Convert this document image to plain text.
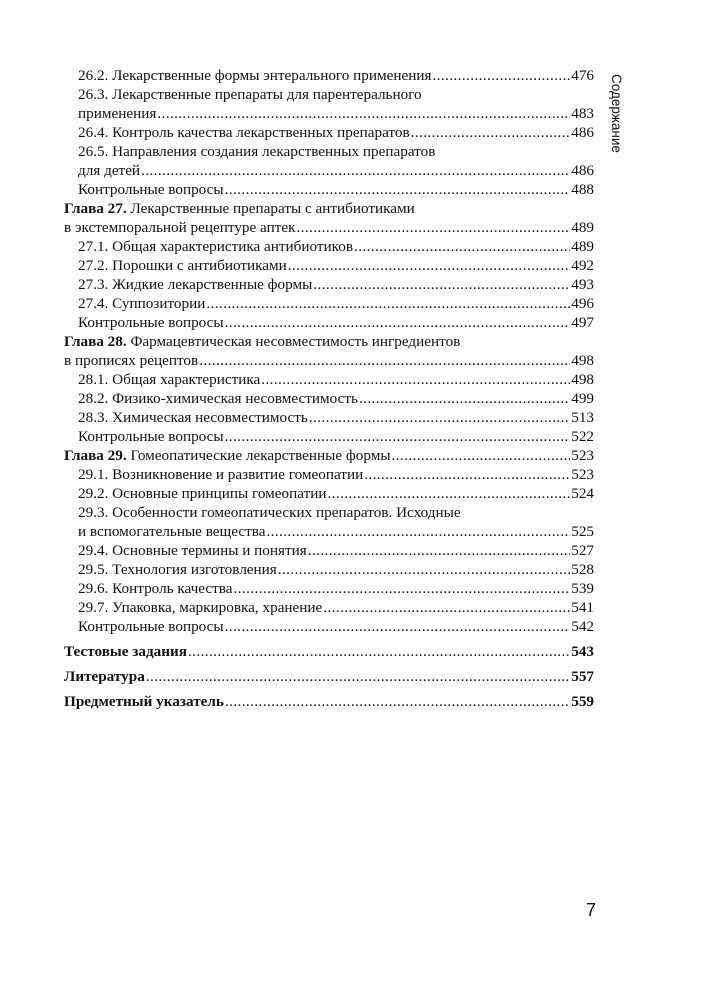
26.2. Лекарственные формы энтерального применения .....	476
26.3. Лекарственные препараты для парентерального
применения .....	483
26.4. Контроль качества лекарственных препаратов .....	486
26.5. Направления создания лекарственных препаратов
для детей .....	486
Контрольные вопросы .....	488
Глава 27. Лекарственные препараты с антибиотиками
в экстемпоральной рецептуре аптек .....	489
27.1. Общая характеристика антибиотиков .....	489
27.2. Порошки с антибиотиками .....	492
27.3. Жидкие лекарственные формы .....	493
27.4. Суппозитории .....	496
Контрольные вопросы .....	497
Глава 28. Фармацевтическая несовместимость ингредиентов
в прописях рецептов .....	498
28.1. Общая характеристика .....	498
28.2. Физико-химическая несовместимость .....	499
28.3. Химическая несовместимость .....	513
Контрольные вопросы .....	522
Глава 29. Гомеопатические лекарственные формы .....	523
29.1. Возникновение и развитие гомеопатии .....	523
29.2. Основные принципы гомеопатии .....	524
29.3. Особенности гомеопатических препаратов. Исходные
и вспомогательные вещества .....	525
29.4. Основные термины и понятия .....	527
29.5. Технология изготовления .....	528
29.6. Контроль качества .....	539
29.7. Упаковка, маркировка, хранение .....	541
Контрольные вопросы .....	542
Тестовые задания .....	543
Литература .....	557
Предметный указатель .....	559
Содержание
7
